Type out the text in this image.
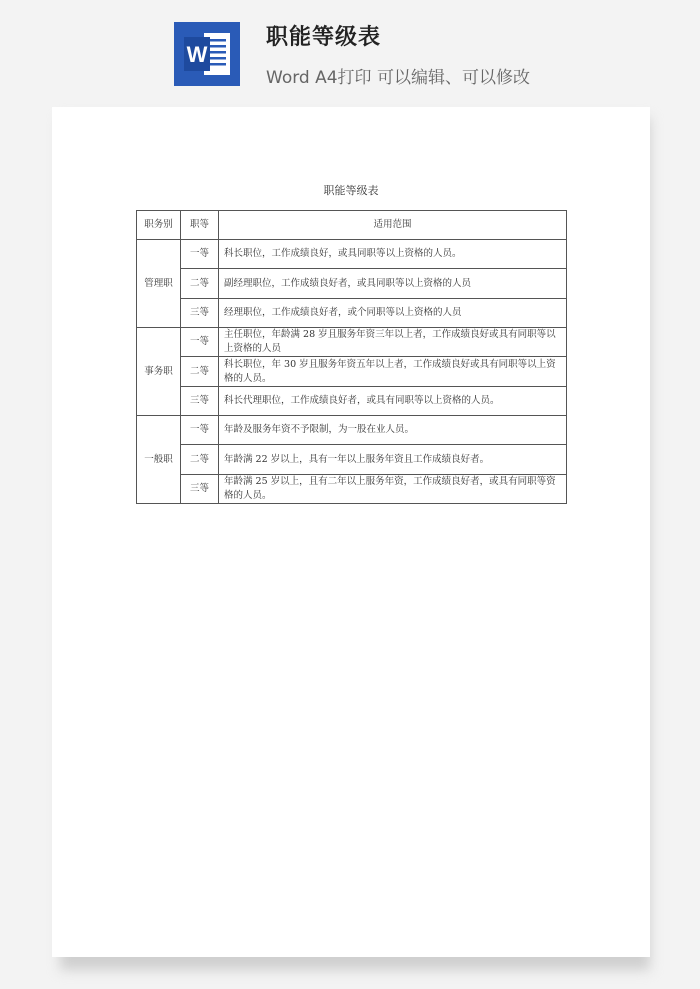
W
职能等级表
Word A4打印 可以编辑、可以修改
职能等级表
职务别	职等	适用范围
管理职	一等	科长职位，工作成绩良好，或具同职等以上资格的人员。
	二等	副经理职位，工作成绩良好者，或具同职等以上资格的人员
	三等	经理职位，工作成绩良好者，或个同职等以上资格的人员
事务职	一等	主任职位，年龄满 28 岁且服务年资三年以上者，工作成绩良好或具有同职等以上资格的人员
	二等	科长职位，年 30 岁且服务年资五年以上者，工作成绩良好或具有同职等以上资格的人员。
	三等	科长代理职位，工作成绩良好者，或具有同职等以上资格的人员。
一般职	一等	年龄及服务年资不予限制，为一股在业人员。
	二等	年龄满 22 岁以上，具有一年以上服务年资且工作成绩良好者。
	三等	年龄满 25 岁以上，且有二年以上服务年资，工作成绩良好者，或具有同职等资格的人员。
